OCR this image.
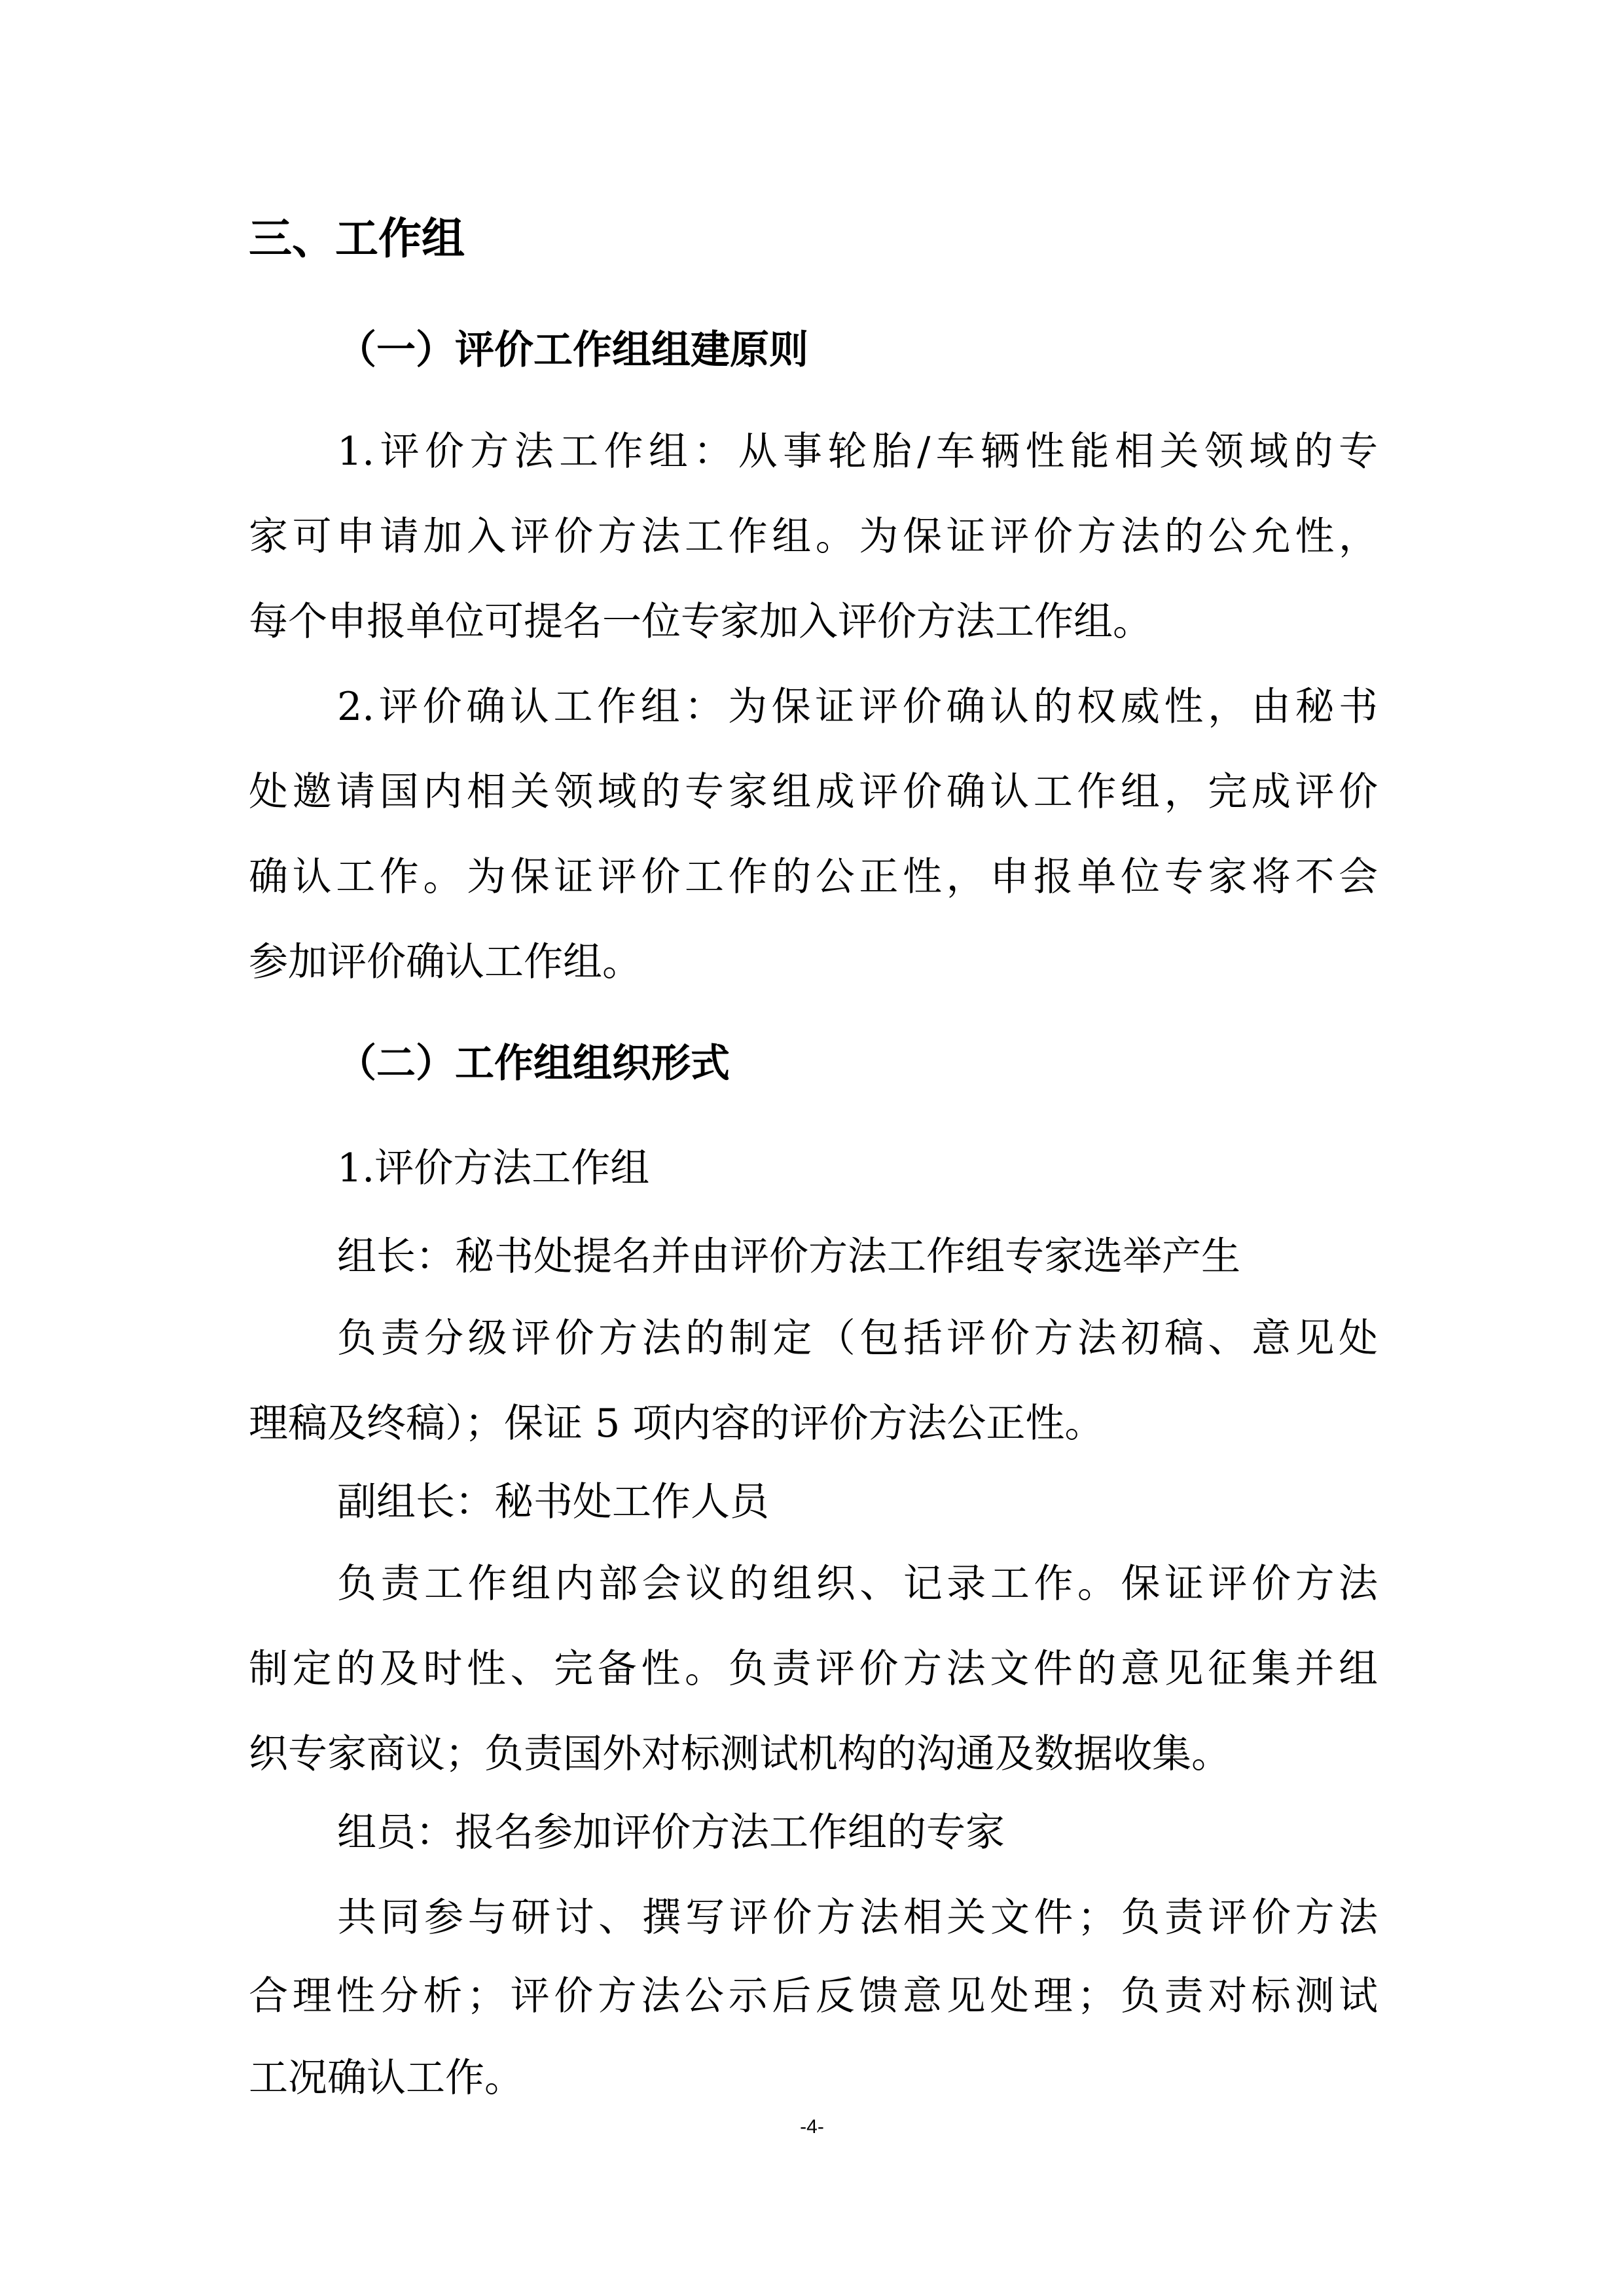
三、工作组
（一）评价工作组组建原则
1.评价方法工作组：从事轮胎/车辆性能相关领域的专
家可申请加入评价方法工作组。为保证评价方法的公允性，
每个申报单位可提名一位专家加入评价方法工作组。
2.评价确认工作组：为保证评价确认的权威性，由秘书
处邀请国内相关领域的专家组成评价确认工作组，完成评价
确认工作。为保证评价工作的公正性，申报单位专家将不会
参加评价确认工作组。
（二）工作组组织形式
1.评价方法工作组
组长：秘书处提名并由评价方法工作组专家选举产生
负责分级评价方法的制定（包括评价方法初稿、意见处
理稿及终稿）；保证 5 项内容的评价方法公正性。
副组长：秘书处工作人员
负责工作组内部会议的组织、记录工作。保证评价方法
制定的及时性、完备性。负责评价方法文件的意见征集并组
织专家商议；负责国外对标测试机构的沟通及数据收集。
组员：报名参加评价方法工作组的专家
共同参与研讨、撰写评价方法相关文件；负责评价方法
合理性分析；评价方法公示后反馈意见处理；负责对标测试
工况确认工作。
-4-
